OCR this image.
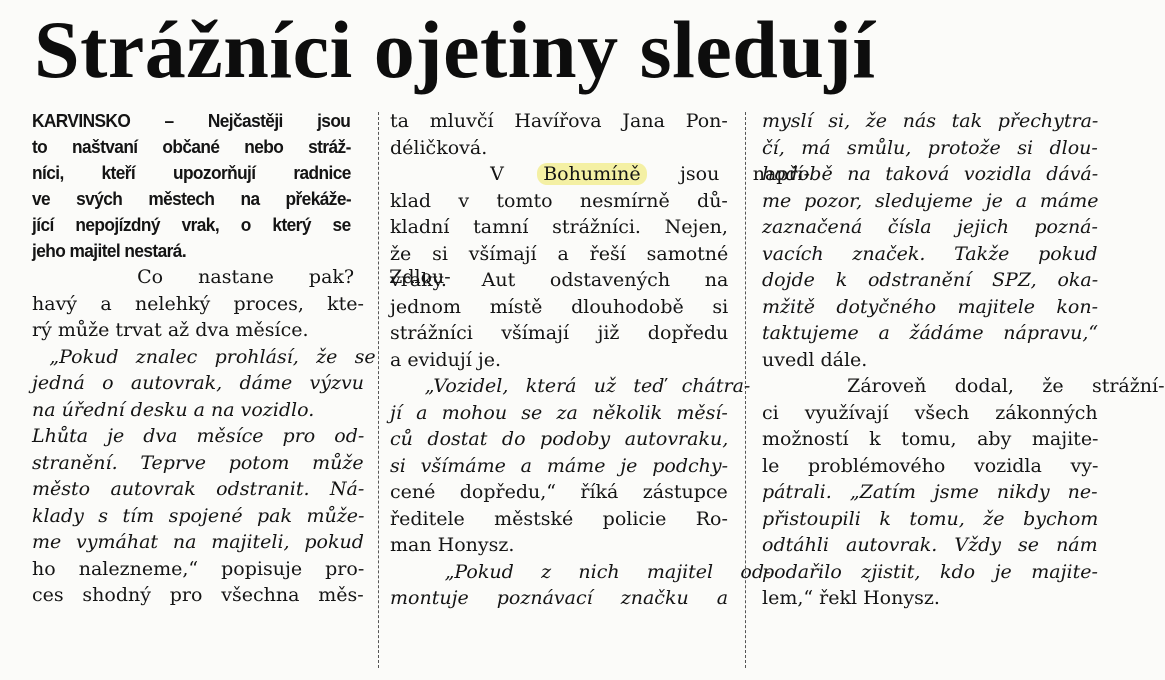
Strážníci ojetiny sledují
KARVINSKO – Nejčastěji jsou
to naštvaní občané nebo stráž-
níci, kteří upozorňují radnice
ve svých městech na překáže-
jící nepojízdný vrak, o který se
jeho majitel nestará.
Co nastane pak? Zdlou-
havý a nelehký proces, kte-
rý může trvat až dva měsíce.
„Pokud znalec prohlásí, že se
jedná o autovrak, dáme výzvu
na úřední desku a na vozidlo.
Lhůta je dva měsíce pro od-
stranění. Teprve potom může
město autovrak odstranit. Ná-
klady s tím spojené pak může-
me vymáhat na majiteli, pokud
ho nalezneme,“ popisuje pro-
ces shodný pro všechna měs-
ta mluvčí Havířova Jana Pon-
déličková.
V Bohumíně jsou napří-
klad v tomto nesmírně dů-
kladní tamní strážníci. Nejen,
že si všímají a řeší samotné
vraky. Aut odstavených na
jednom místě dlouhodobě si
strážníci všímají již dopředu
a evidují je.
„Vozidel, která už teď chátra-
jí a mohou se za několik měsí-
ců dostat do podoby autovraku,
si všímáme a máme je podchy-
cené dopředu,“ říká zástupce
ředitele městské policie Ro-
man Honysz.
„Pokud z nich majitel od-
montuje poznávací značku a
myslí si, že nás tak přechytra-
čí, má smůlu, protože si dlou-
hodobě na taková vozidla dává-
me pozor, sledujeme je a máme
zaznačená čísla jejich pozná-
vacích značek. Takže pokud
dojde k odstranění SPZ, oka-
mžitě dotyčného majitele kon-
taktujeme a žádáme nápravu,“
uvedl dále.
Zároveň dodal, že strážní-
ci využívají všech zákonných
možností k tomu, aby majite-
le problémového vozidla vy-
pátrali. „Zatím jsme nikdy ne-
přistoupili k tomu, že bychom
odtáhli autovrak. Vždy se nám
podařilo zjistit, kdo je majite-
lem,“ řekl Honysz.
